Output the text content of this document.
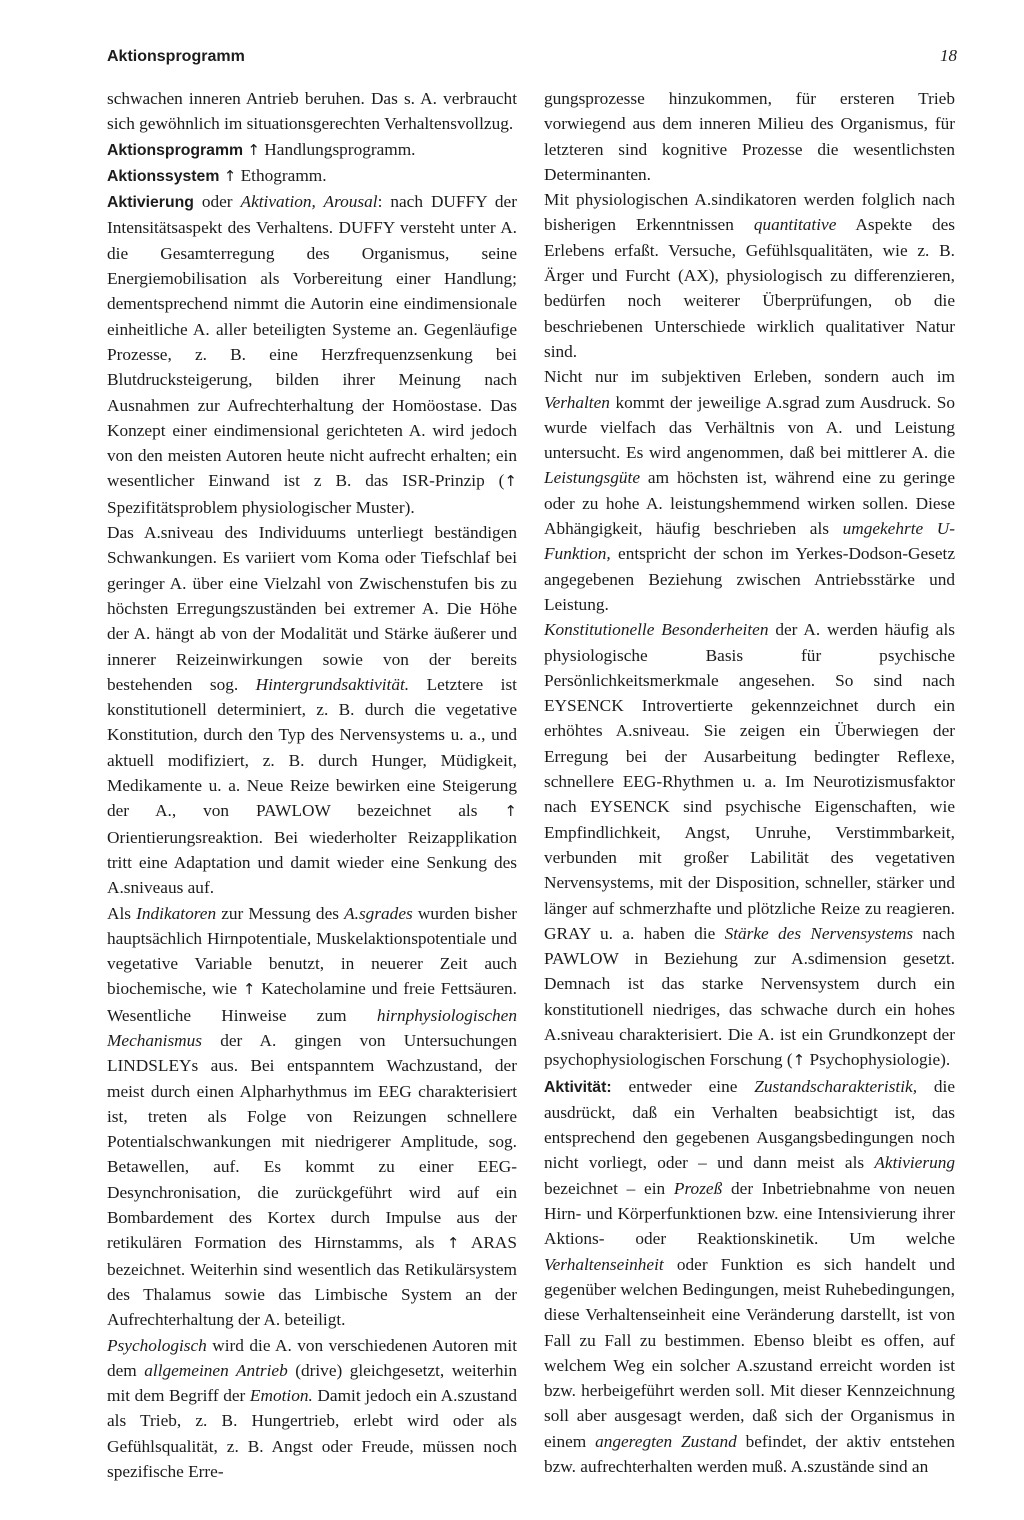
Aktionsprogramm	18

schwachen inneren Antrieb beruhen. Das s. A. verbraucht sich gewöhnlich im situationsgerechten Verhaltensvollzug.

Aktionsprogramm ↑ Handlungsprogramm.

Aktionssystem ↑ Ethogramm.

Aktivierung oder Aktivation, Arousal: nach DUFFY der Intensitätsaspekt des Verhaltens. DUFFY versteht unter A. die Gesamterregung des Organismus, seine Energiemobilisation als Vorbereitung einer Handlung; dementsprechend nimmt die Autorin eine eindimensionale einheitliche A. aller beteiligten Systeme an. Gegenläufige Prozesse, z. B. eine Herzfrequenzsenkung bei Blutdrucksteigerung, bilden ihrer Meinung nach Ausnahmen zur Aufrechterhaltung der Homöostase. Das Konzept einer eindimensional gerichteten A. wird jedoch von den meisten Autoren heute nicht aufrecht erhalten; ein wesentlicher Einwand ist z B. das ISR-Prinzip (↑ Spezifitätsproblem physiologischer Muster).

Das A.sniveau des Individuums unterliegt beständigen Schwankungen. Es variiert vom Koma oder Tiefschlaf bei geringer A. über eine Vielzahl von Zwischenstufen bis zu höchsten Erregungszuständen bei extremer A. Die Höhe der A. hängt ab von der Modalität und Stärke äußerer und innerer Reizeinwirkungen sowie von der bereits bestehenden sog. Hintergrundsaktivität. Letztere ist konstitutionell determiniert, z. B. durch die vegetative Konstitution, durch den Typ des Nervensystems u. a., und aktuell modifiziert, z. B. durch Hunger, Müdigkeit, Medikamente u. a. Neue Reize bewirken eine Steigerung der A., von PAWLOW bezeichnet als ↑ Orientierungsreaktion. Bei wiederholter Reizapplikation tritt eine Adaptation und damit wieder eine Senkung des A.sniveaus auf.

Als Indikatoren zur Messung des A.sgrades wurden bisher hauptsächlich Hirnpotentiale, Muskelaktionspotentiale und vegetative Variable benutzt, in neuerer Zeit auch biochemische, wie ↑ Katecholamine und freie Fettsäuren. Wesentliche Hinweise zum hirnphysiologischen Mechanismus der A. gingen von Untersuchungen LINDSLEYs aus. Bei entspanntem Wachzustand, der meist durch einen Alpharhythmus im EEG charakterisiert ist, treten als Folge von Reizungen schnellere Potentialschwankungen mit niedrigerer Amplitude, sog. Betawellen, auf. Es kommt zu einer EEG-Desynchronisation, die zurückgeführt wird auf ein Bombardement des Kortex durch Impulse aus der retikulären Formation des Hirnstamms, als ↑ ARAS bezeichnet. Weiterhin sind wesentlich das Retikulärsystem des Thalamus sowie das Limbische System an der Aufrechterhaltung der A. beteiligt.

Psychologisch wird die A. von verschiedenen Autoren mit dem allgemeinen Antrieb (drive) gleichgesetzt, weiterhin mit dem Begriff der Emotion. Damit jedoch ein A.szustand als Trieb, z. B. Hungertrieb, erlebt wird oder als Gefühlsqualität, z. B. Angst oder Freude, müssen noch spezifische Erre-

gungsprozesse hinzukommen, für ersteren Trieb vorwiegend aus dem inneren Milieu des Organismus, für letzteren sind kognitive Prozesse die wesentlichsten Determinanten.

Mit physiologischen A.sindikatoren werden folglich nach bisherigen Erkenntnissen quantitative Aspekte des Erlebens erfaßt. Versuche, Gefühlsqualitäten, wie z. B. Ärger und Furcht (AX), physiologisch zu differenzieren, bedürfen noch weiterer Überprüfungen, ob die beschriebenen Unterschiede wirklich qualitativer Natur sind.

Nicht nur im subjektiven Erleben, sondern auch im Verhalten kommt der jeweilige A.sgrad zum Ausdruck. So wurde vielfach das Verhältnis von A. und Leistung untersucht. Es wird angenommen, daß bei mittlerer A. die Leistungsgüte am höchsten ist, während eine zu geringe oder zu hohe A. leistungshemmend wirken sollen. Diese Abhängigkeit, häufig beschrieben als umgekehrte U-Funktion, entspricht der schon im Yerkes-Dodson-Gesetz angegebenen Beziehung zwischen Antriebsstärke und Leistung.

Konstitutionelle Besonderheiten der A. werden häufig als physiologische Basis für psychische Persönlichkeitsmerkmale angesehen. So sind nach EYSENCK Introvertierte gekennzeichnet durch ein erhöhtes A.sniveau. Sie zeigen ein Überwiegen der Erregung bei der Ausarbeitung bedingter Reflexe, schnellere EEG-Rhythmen u. a. Im Neurotizismusfaktor nach EYSENCK sind psychische Eigenschaften, wie Empfindlichkeit, Angst, Unruhe, Verstimmbarkeit, verbunden mit großer Labilität des vegetativen Nervensystems, mit der Disposition, schneller, stärker und länger auf schmerzhafte und plötzliche Reize zu reagieren. GRAY u. a. haben die Stärke des Nervensystems nach PAWLOW in Beziehung zur A.sdimension gesetzt. Demnach ist das starke Nervensystem durch ein konstitutionell niedriges, das schwache durch ein hohes A.sniveau charakterisiert. Die A. ist ein Grundkonzept der psychophysiologischen Forschung (↑ Psychophysiologie).

Aktivität: entweder eine Zustandscharakteristik, die ausdrückt, daß ein Verhalten beabsichtigt ist, das entsprechend den gegebenen Ausgangsbedingungen noch nicht vorliegt, oder – und dann meist als Aktivierung bezeichnet – ein Prozeß der Inbetriebnahme von neuen Hirn- und Körperfunktionen bzw. eine Intensivierung ihrer Aktions- oder Reaktionskinetik. Um welche Verhaltenseinheit oder Funktion es sich handelt und gegenüber welchen Bedingungen, meist Ruhebedingungen, diese Verhaltenseinheit eine Veränderung darstellt, ist von Fall zu Fall zu bestimmen. Ebenso bleibt es offen, auf welchem Weg ein solcher A.szustand erreicht worden ist bzw. herbeigeführt werden soll. Mit dieser Kennzeichnung soll aber ausgesagt werden, daß sich der Organismus in einem angeregten Zustand befindet, der aktiv entstehen bzw. aufrechterhalten werden muß. A.szustände sind an
